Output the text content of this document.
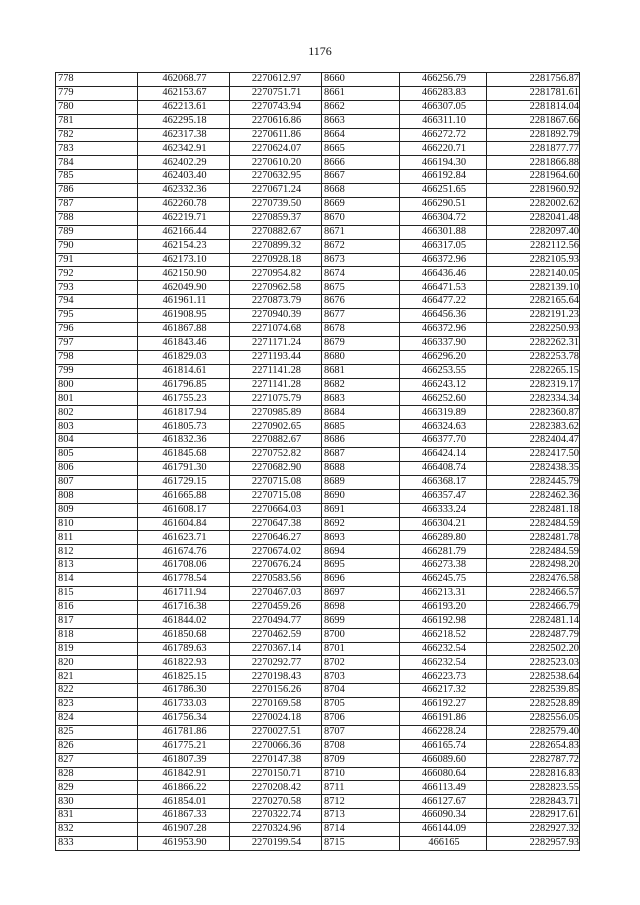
1176
778	462068.77	2270612.97	8660	466256.79	2281756.87
779	462153.67	2270751.71	8661	466283.83	2281781.61
780	462213.61	2270743.94	8662	466307.05	2281814.04
781	462295.18	2270616.86	8663	466311.10	2281867.66
782	462317.38	2270611.86	8664	466272.72	2281892.79
783	462342.91	2270624.07	8665	466220.71	2281877.77
784	462402.29	2270610.20	8666	466194.30	2281866.88
785	462403.40	2270632.95	8667	466192.84	2281964.60
786	462332.36	2270671.24	8668	466251.65	2281960.92
787	462260.78	2270739.50	8669	466290.51	2282002.62
788	462219.71	2270859.37	8670	466304.72	2282041.48
789	462166.44	2270882.67	8671	466301.88	2282097.40
790	462154.23	2270899.32	8672	466317.05	2282112.56
791	462173.10	2270928.18	8673	466372.96	2282105.93
792	462150.90	2270954.82	8674	466436.46	2282140.05
793	462049.90	2270962.58	8675	466471.53	2282139.10
794	461961.11	2270873.79	8676	466477.22	2282165.64
795	461908.95	2270940.39	8677	466456.36	2282191.23
796	461867.88	2271074.68	8678	466372.96	2282250.93
797	461843.46	2271171.24	8679	466337.90	2282262.31
798	461829.03	2271193.44	8680	466296.20	2282253.78
799	461814.61	2271141.28	8681	466253.55	2282265.15
800	461796.85	2271141.28	8682	466243.12	2282319.17
801	461755.23	2271075.79	8683	466252.60	2282334.34
802	461817.94	2270985.89	8684	466319.89	2282360.87
803	461805.73	2270902.65	8685	466324.63	2282383.62
804	461832.36	2270882.67	8686	466377.70	2282404.47
805	461845.68	2270752.82	8687	466424.14	2282417.50
806	461791.30	2270682.90	8688	466408.74	2282438.35
807	461729.15	2270715.08	8689	466368.17	2282445.79
808	461665.88	2270715.08	8690	466357.47	2282462.36
809	461608.17	2270664.03	8691	466333.24	2282481.18
810	461604.84	2270647.38	8692	466304.21	2282484.59
811	461623.71	2270646.27	8693	466289.80	2282481.78
812	461674.76	2270674.02	8694	466281.79	2282484.59
813	461708.06	2270676.24	8695	466273.38	2282498.20
814	461778.54	2270583.56	8696	466245.75	2282476.58
815	461711.94	2270467.03	8697	466213.31	2282466.57
816	461716.38	2270459.26	8698	466193.20	2282466.79
817	461844.02	2270494.77	8699	466192.98	2282481.14
818	461850.68	2270462.59	8700	466218.52	2282487.79
819	461789.63	2270367.14	8701	466232.54	2282502.20
820	461822.93	2270292.77	8702	466232.54	2282523.03
821	461825.15	2270198.43	8703	466223.73	2282538.64
822	461786.30	2270156.26	8704	466217.32	2282539.85
823	461733.03	2270169.58	8705	466192.27	2282528.89
824	461756.34	2270024.18	8706	466191.86	2282556.05
825	461781.86	2270027.51	8707	466228.24	2282579.40
826	461775.21	2270066.36	8708	466165.74	2282654.83
827	461807.39	2270147.38	8709	466089.60	2282787.72
828	461842.91	2270150.71	8710	466080.64	2282816.83
829	461866.22	2270208.42	8711	466113.49	2282823.55
830	461854.01	2270270.58	8712	466127.67	2282843.71
831	461867.33	2270322.74	8713	466090.34	2282917.61
832	461907.28	2270324.96	8714	466144.09	2282927.32
833	461953.90	2270199.54	8715	466165	2282957.93
